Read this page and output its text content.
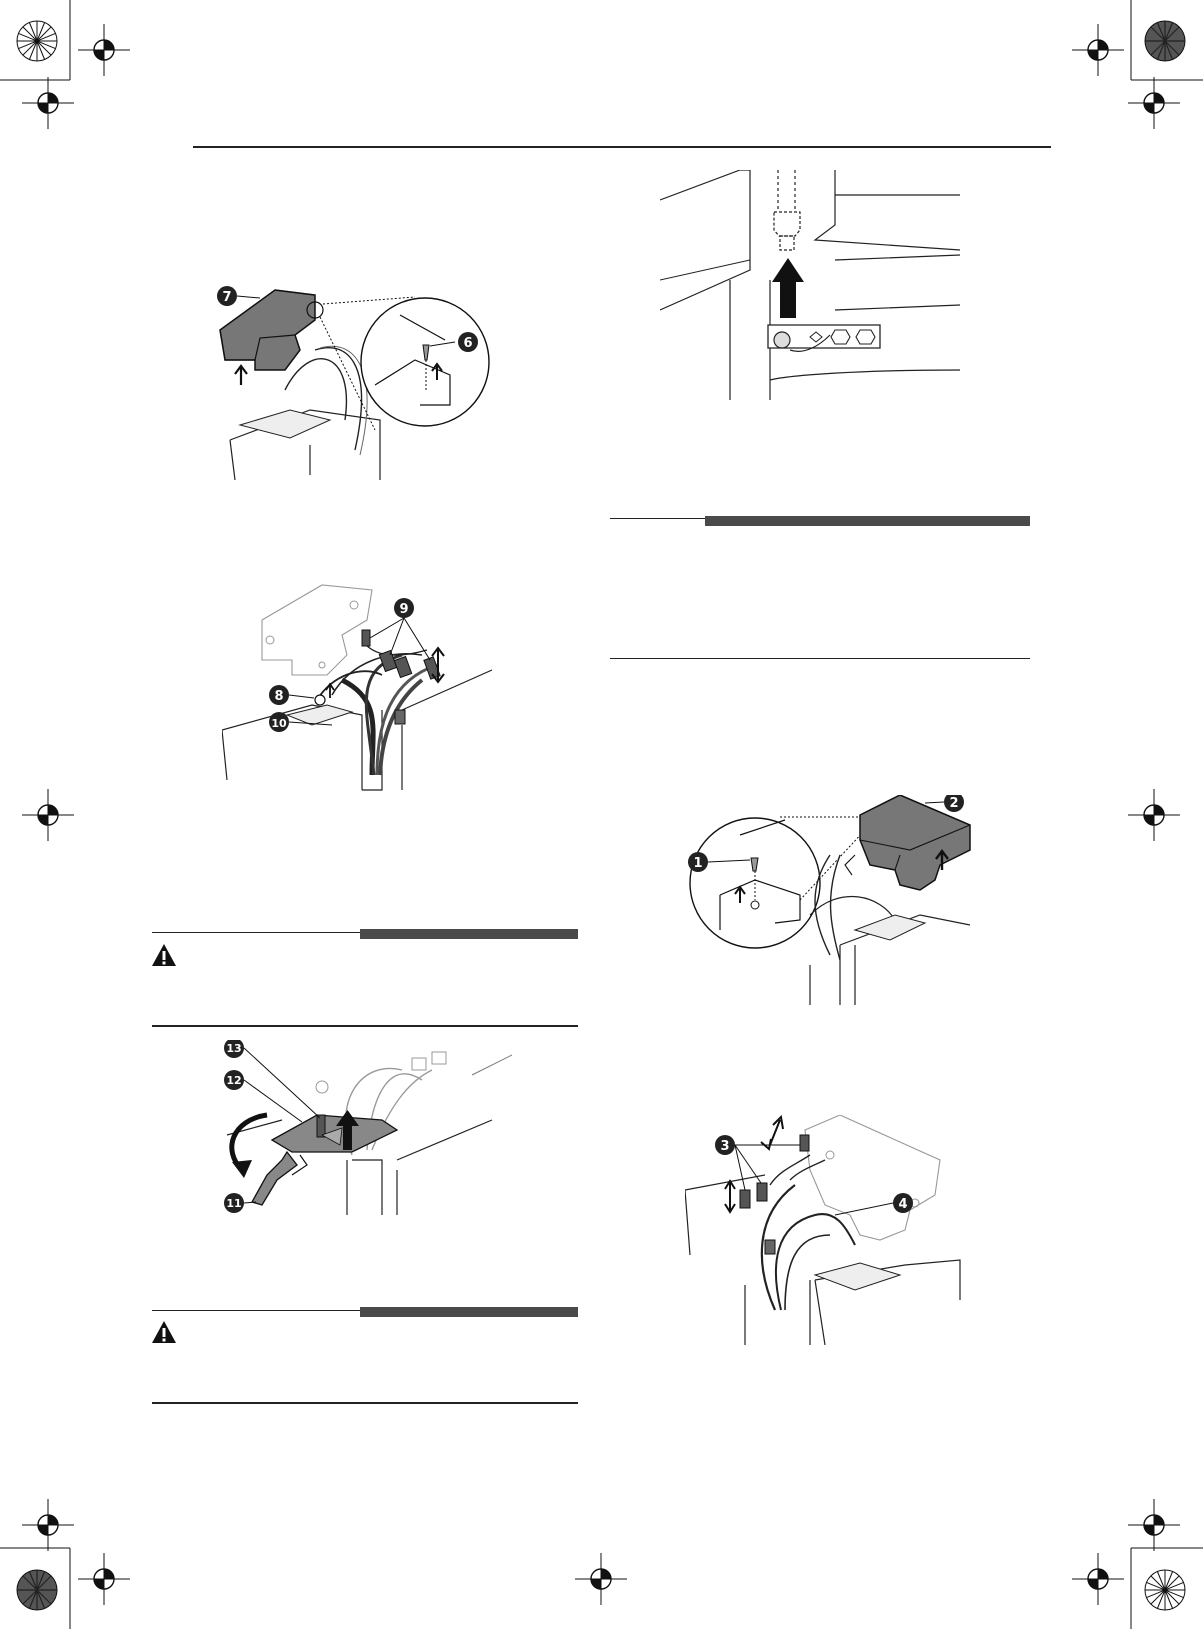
7
6
9
8
10
13
12
11
2
1
3
4
